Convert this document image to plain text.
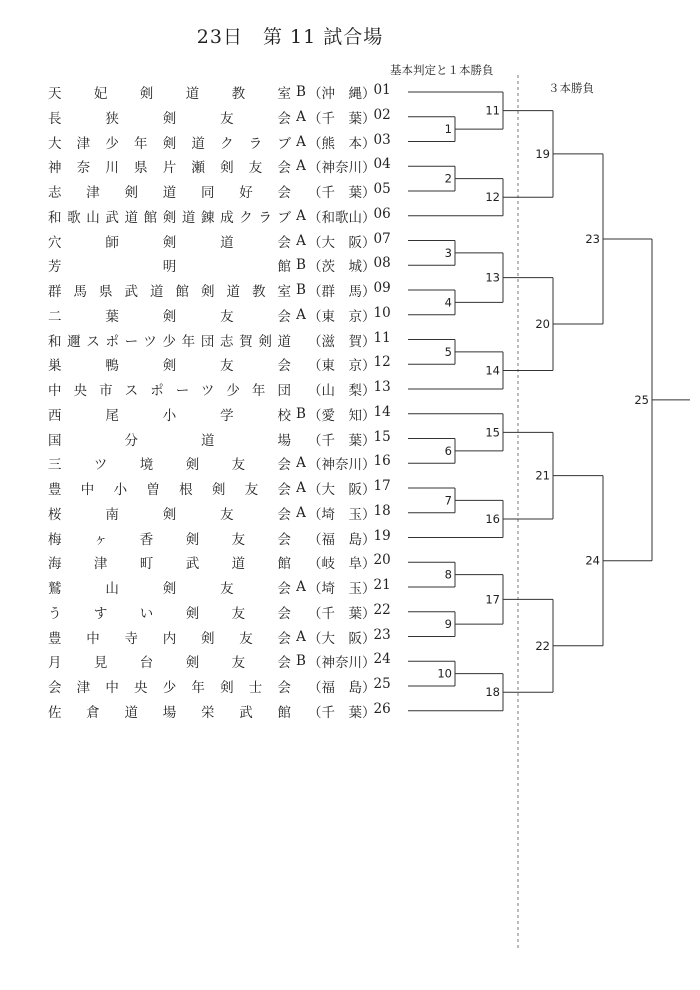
23日　第 11 試合場
基本判定と１本勝負
３本勝負
天妃剣道教室 B （沖　縄）
01
長狭剣友会 A （千　葉）
02
大津少年剣道クラブ A （熊　本）
03
神奈川県片瀬剣友会 A （神奈川）
04
志津剣道同好会 （千　葉）
05
和歌山武道館剣道錬成クラブ A （和歌山）
06
穴師剣道会 A （大　阪）
07
芳明館 B （茨　城）
08
群馬県武道館剣道教室 B （群　馬）
09
二葉剣友会 A （東　京）
10
和邇スポーツ少年団志賀剣道 （滋　賀）
11
巣鴨剣友会 （東　京）
12
中央市スポーツ少年団 （山　梨）
13
西尾小学校 B （愛　知）
14
国分道場 （千　葉）
15
三ツ境剣友会 A （神奈川）
16
豊中小曽根剣友会 A （大　阪）
17
桜南剣友会 A （埼　玉）
18
梅ヶ香剣友会 （福　島）
19
海津町武道館 （岐　阜）
20
鷲山剣友会 A （埼　玉）
21
うすい剣友会 （千　葉）
22
豊中寺内剣友会 A （大　阪）
23
月見台剣友会 B （神奈川）
24
会津中央少年剣士会 （福　島）
25
佐倉道場栄武館 （千　葉）
26
1
2
3
4
5
6
7
8
9
10
11
12
13
14
15
16
17
18
19
20
21
22
23
24
25
